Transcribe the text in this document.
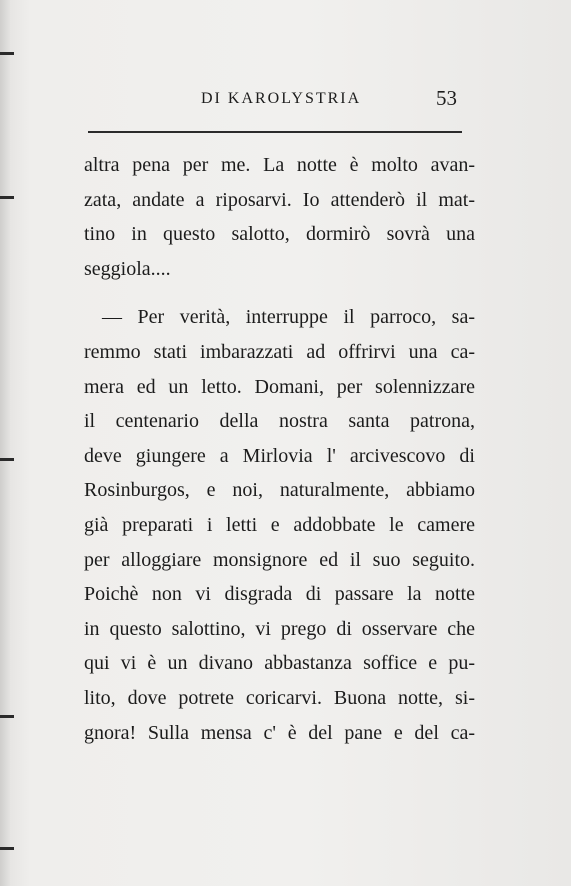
DI KAROLYSTRIA	53
altra pena per me. La notte è molto avan-
zata, andate a riposarvi. Io attenderò il mat-
tino in questo salotto, dormirò sovrà una
seggiola....
— Per verità, interruppe il parroco, sa-
remmo stati imbarazzati ad offrirvi una ca-
mera ed un letto. Domani, per solennizzare
il centenario della nostra santa patrona,
deve giungere a Mirlovia l' arcivescovo di
Rosinburgos, e noi, naturalmente, abbiamo
già preparati i letti e addobbate le camere
per alloggiare monsignore ed il suo seguito.
Poichè non vi disgrada di passare la notte
in questo salottino, vi prego di osservare che
qui vi è un divano abbastanza soffice e pu-
lito, dove potrete coricarvi. Buona notte, si-
gnora! Sulla mensa c' è del pane e del ca-
